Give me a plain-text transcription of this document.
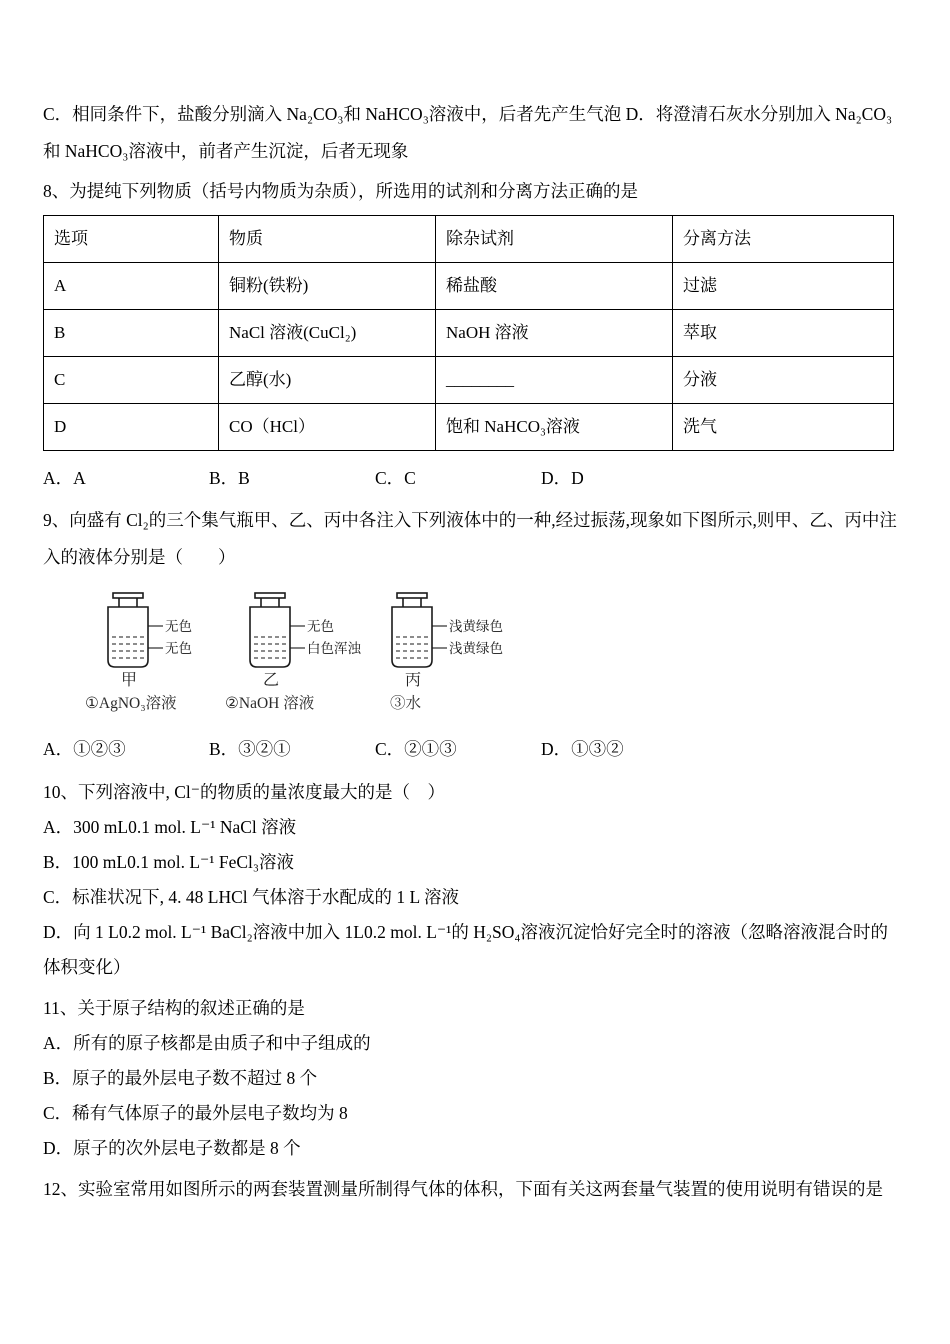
C．相同条件下，盐酸分别滴入 Na₂CO₃和 NaHCO₃溶液中，后者先产生气泡 D．将澄清石灰水分别加入 Na₂CO₃和 NaHCO₃溶液中，前者产生沉淀，后者无现象

8、为提纯下列物质（括号内物质为杂质），所选用的试剂和分离方法正确的是

选项	物质	除杂试剂	分离方法
A	铜粉(铁粉)	稀盐酸	过滤
B	NaCl 溶液(CuCl₂)	NaOH 溶液	萃取
C	乙醇(水)	________	分液
D	CO（HCl）	饱和 NaHCO₃溶液	洗气
A．A	B．B	C．C	D．D

9、向盛有 Cl₂的三个集气瓶甲、乙、丙中各注入下列液体中的一种,经过振荡,现象如下图所示,则甲、乙、丙中注入的液体分别是（　　）

无色
无色
甲
无色
白色浑浊
乙
浅黄绿色
浅黄绿色
丙
①AgNO₃溶液	②NaOH 溶液	③水
A．①②③	B．③②①	C．②①③	D．①③②

10、下列溶液中, Cl⁻的物质的量浓度最大的是（　）

A．300 mL0.1 mol. L⁻¹ NaCl 溶液

B．100 mL0.1 mol. L⁻¹ FeCl₃溶液

C．标准状况下, 4. 48 LHCl 气体溶于水配成的 1 L 溶液

D．向 1 L0.2 mol. L⁻¹ BaCl₂溶液中加入 1L0.2 mol. L⁻¹的 H₂SO₄溶液沉淀恰好完全时的溶液（忽略溶液混合时的体积变化）

11、关于原子结构的叙述正确的是

A．所有的原子核都是由质子和中子组成的

B．原子的最外层电子数不超过 8 个

C．稀有气体原子的最外层电子数均为 8

D．原子的次外层电子数都是 8 个

12、实验室常用如图所示的两套装置测量所制得气体的体积，下面有关这两套量气装置的使用说明有错误的是
